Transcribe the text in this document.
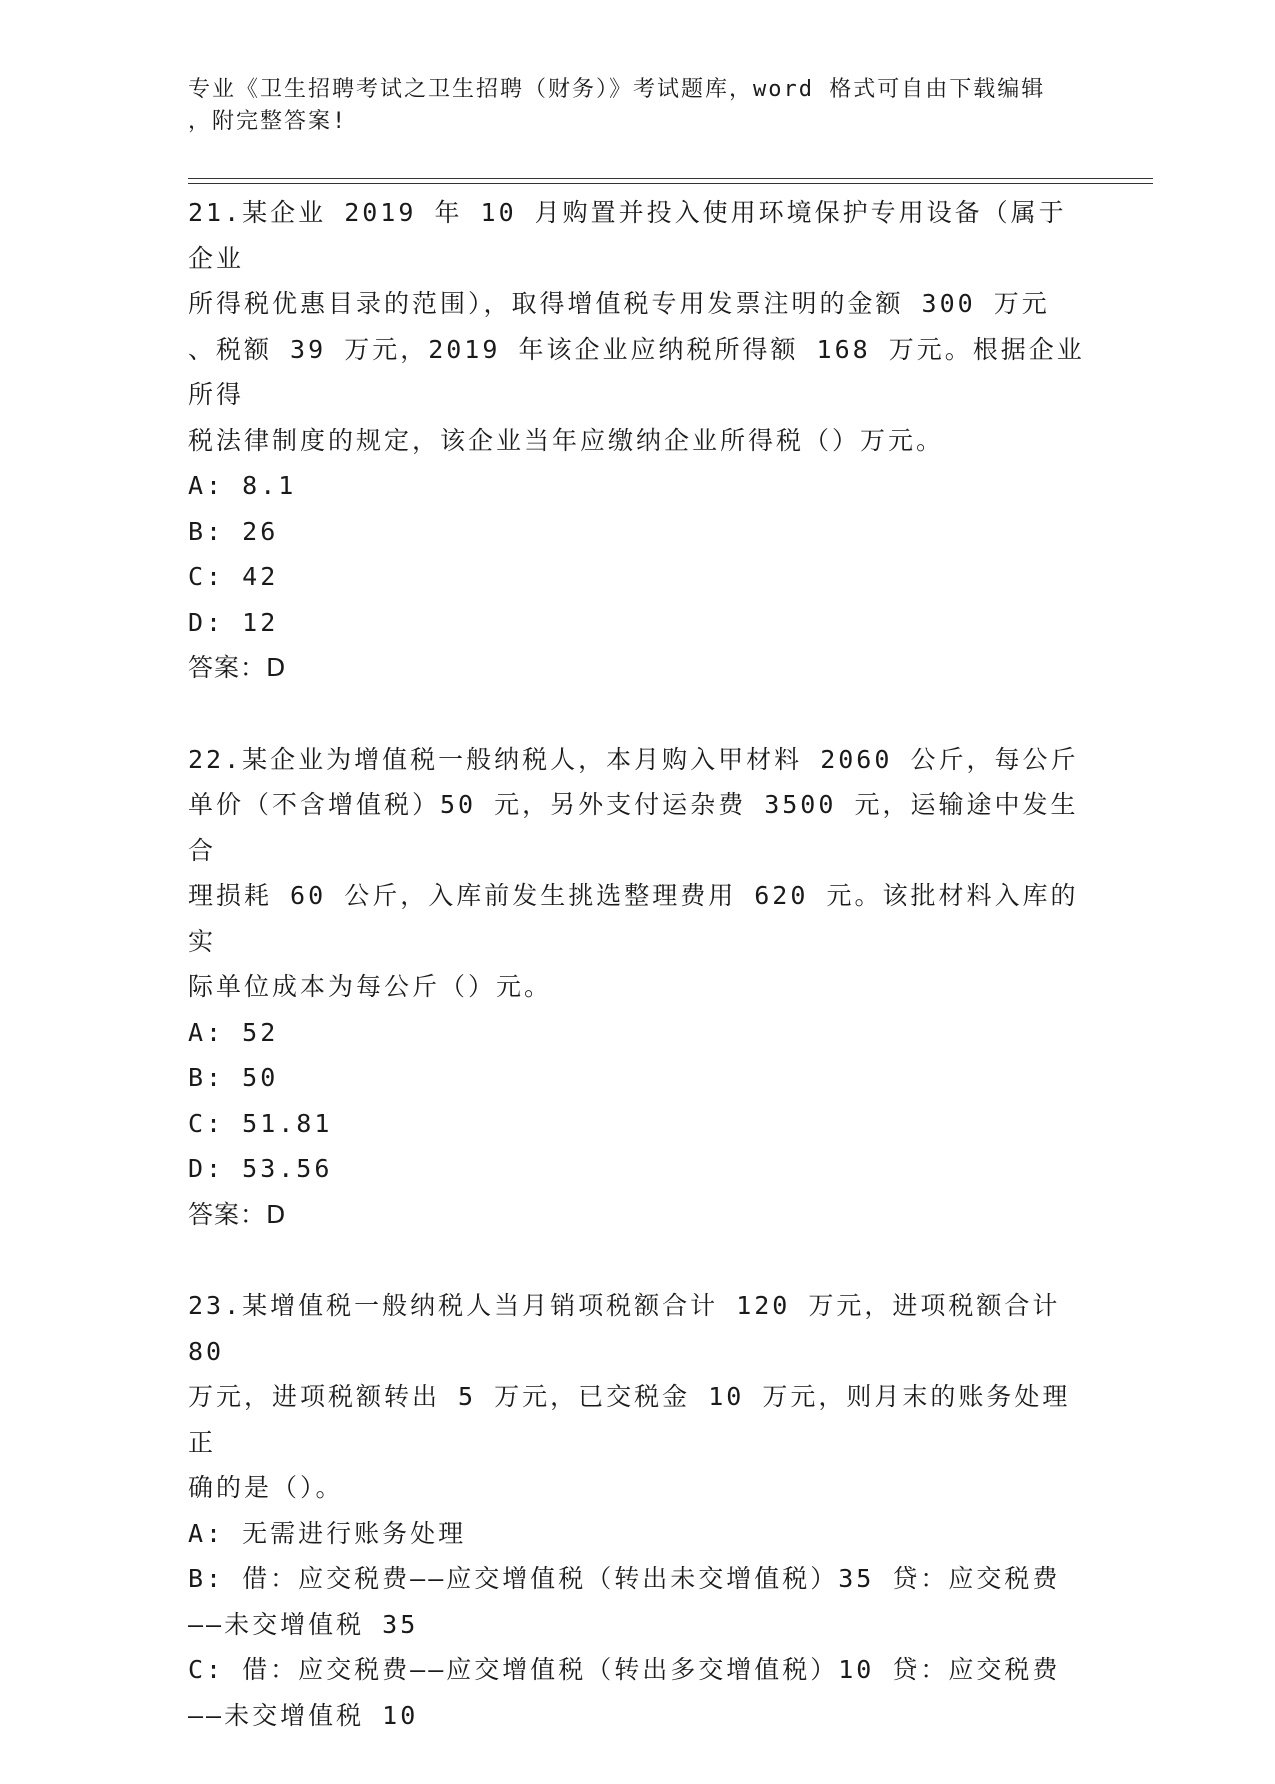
专业《卫生招聘考试之卫生招聘（财务）》考试题库，word 格式可自由下载编辑
，附完整答案!
21.某企业 2019 年 10 月购置并投入使用环境保护专用设备（属于企业
所得税优惠目录的范围），取得增值税专用发票注明的金额 300 万元
、税额 39 万元，2019 年该企业应纳税所得额 168 万元。根据企业所得
税法律制度的规定，该企业当年应缴纳企业所得税（）万元。
A: 8.1
B: 26
C: 42
D: 12
答案：D
22.某企业为增值税一般纳税人，本月购入甲材料 2060 公斤，每公斤
单价（不含增值税）50 元，另外支付运杂费 3500 元，运输途中发生合
理损耗 60 公斤，入库前发生挑选整理费用 620 元。该批材料入库的实
际单位成本为每公斤（）元。
A: 52
B: 50
C: 51.81
D: 53.56
答案：D
23.某增值税一般纳税人当月销项税额合计 120 万元，进项税额合计 80
万元，进项税额转出 5 万元，已交税金 10 万元，则月末的账务处理正
确的是（）。
A: 无需进行账务处理
B: 借：应交税费——应交增值税（转出未交增值税）35 贷：应交税费
——未交增值税 35
C: 借：应交税费——应交增值税（转出多交增值税）10 贷：应交税费
——未交增值税 10
